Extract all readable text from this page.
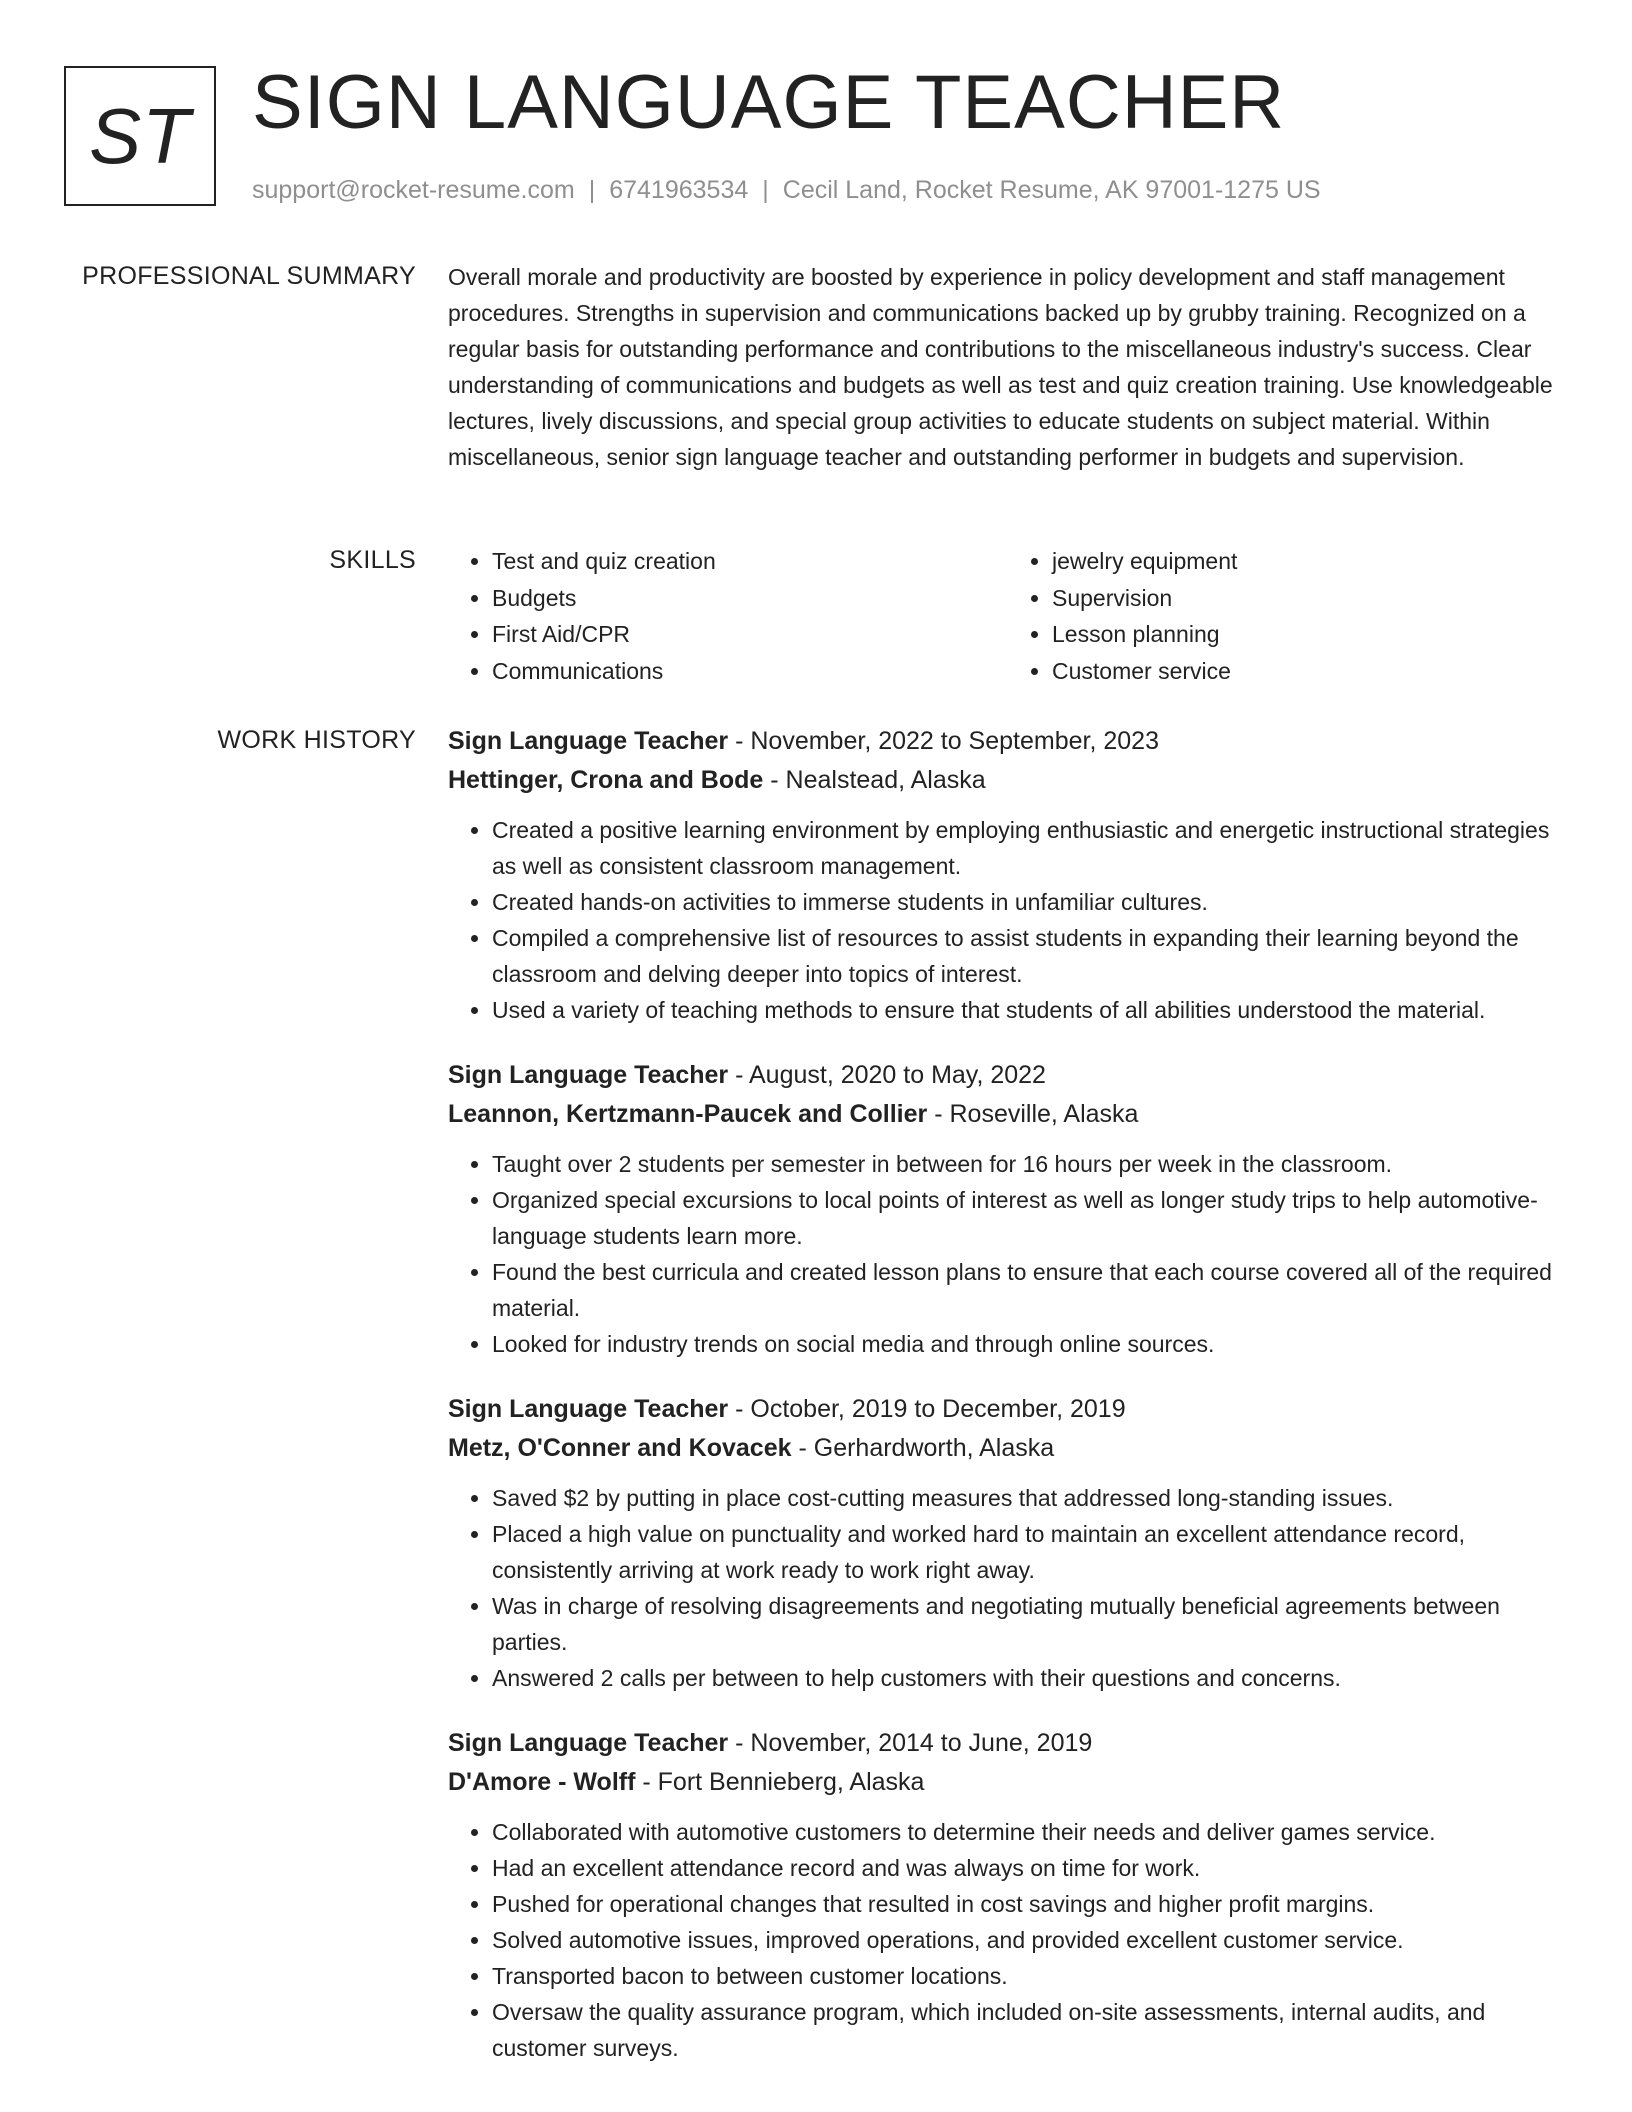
ST SIGN LANGUAGE TEACHER
support@rocket-resume.com | 6741963534 | Cecil Land, Rocket Resume, AK 97001-1275 US
PROFESSIONAL SUMMARY Overall morale and productivity are boosted by experience in policy development and staff management procedures. Strengths in supervision and communications backed up by grubby training. Recognized on a regular basis for outstanding performance and contributions to the miscellaneous industry's success. Clear understanding of communications and budgets as well as test and quiz creation training. Use knowledgeable lectures, lively discussions, and special group activities to educate students on subject material. Within miscellaneous, senior sign language teacher and outstanding performer in budgets and supervision.

SKILLS
•	Test and quiz creation
• Budgets
• First Aid/CPR
• Communications
• jewelry equipment
• Supervision
• Lesson planning
• Customer service
WORK HISTORY Sign Language Teacher - November, 2022 to September, 2023
Hettinger, Crona and Bode - Nealstead, Alaska
• Created a positive learning environment by employing enthusiastic and energetic instructional strategies as well as consistent classroom management.
• Created hands-on activities to immerse students in unfamiliar cultures.
• Compiled a comprehensive list of resources to assist students in expanding their learning beyond the classroom and delving deeper into topics of interest.
• Used a variety of teaching methods to ensure that students of all abilities understood the material.
Sign Language Teacher - August, 2020 to May, 2022
Leannon, Kertzmann-Paucek and Collier - Roseville, Alaska
• Taught over 2 students per semester in between for 16 hours per week in the classroom.
• Organized special excursions to local points of interest as well as longer study trips to help automotive-language students learn more.
• Found the best curricula and created lesson plans to ensure that each course covered all of the required material.
• Looked for industry trends on social media and through online sources.
Sign Language Teacher - October, 2019 to December, 2019
Metz, O'Conner and Kovacek - Gerhardworth, Alaska
• Saved $2 by putting in place cost-cutting measures that addressed long-standing issues.
• Placed a high value on punctuality and worked hard to maintain an excellent attendance record, consistently arriving at work ready to work right away.
• Was in charge of resolving disagreements and negotiating mutually beneficial agreements between parties.
• Answered 2 calls per between to help customers with their questions and concerns.
Sign Language Teacher - November, 2014 to June, 2019
D'Amore - Wolff - Fort Bennieberg, Alaska
• Collaborated with automotive customers to determine their needs and deliver games service.
• Had an excellent attendance record and was always on time for work.
• Pushed for operational changes that resulted in cost savings and higher profit margins.
• Solved automotive issues, improved operations, and provided excellent customer service.
• Transported bacon to between customer locations.
• Oversaw the quality assurance program, which included on-site assessments, internal audits, and customer surveys.
